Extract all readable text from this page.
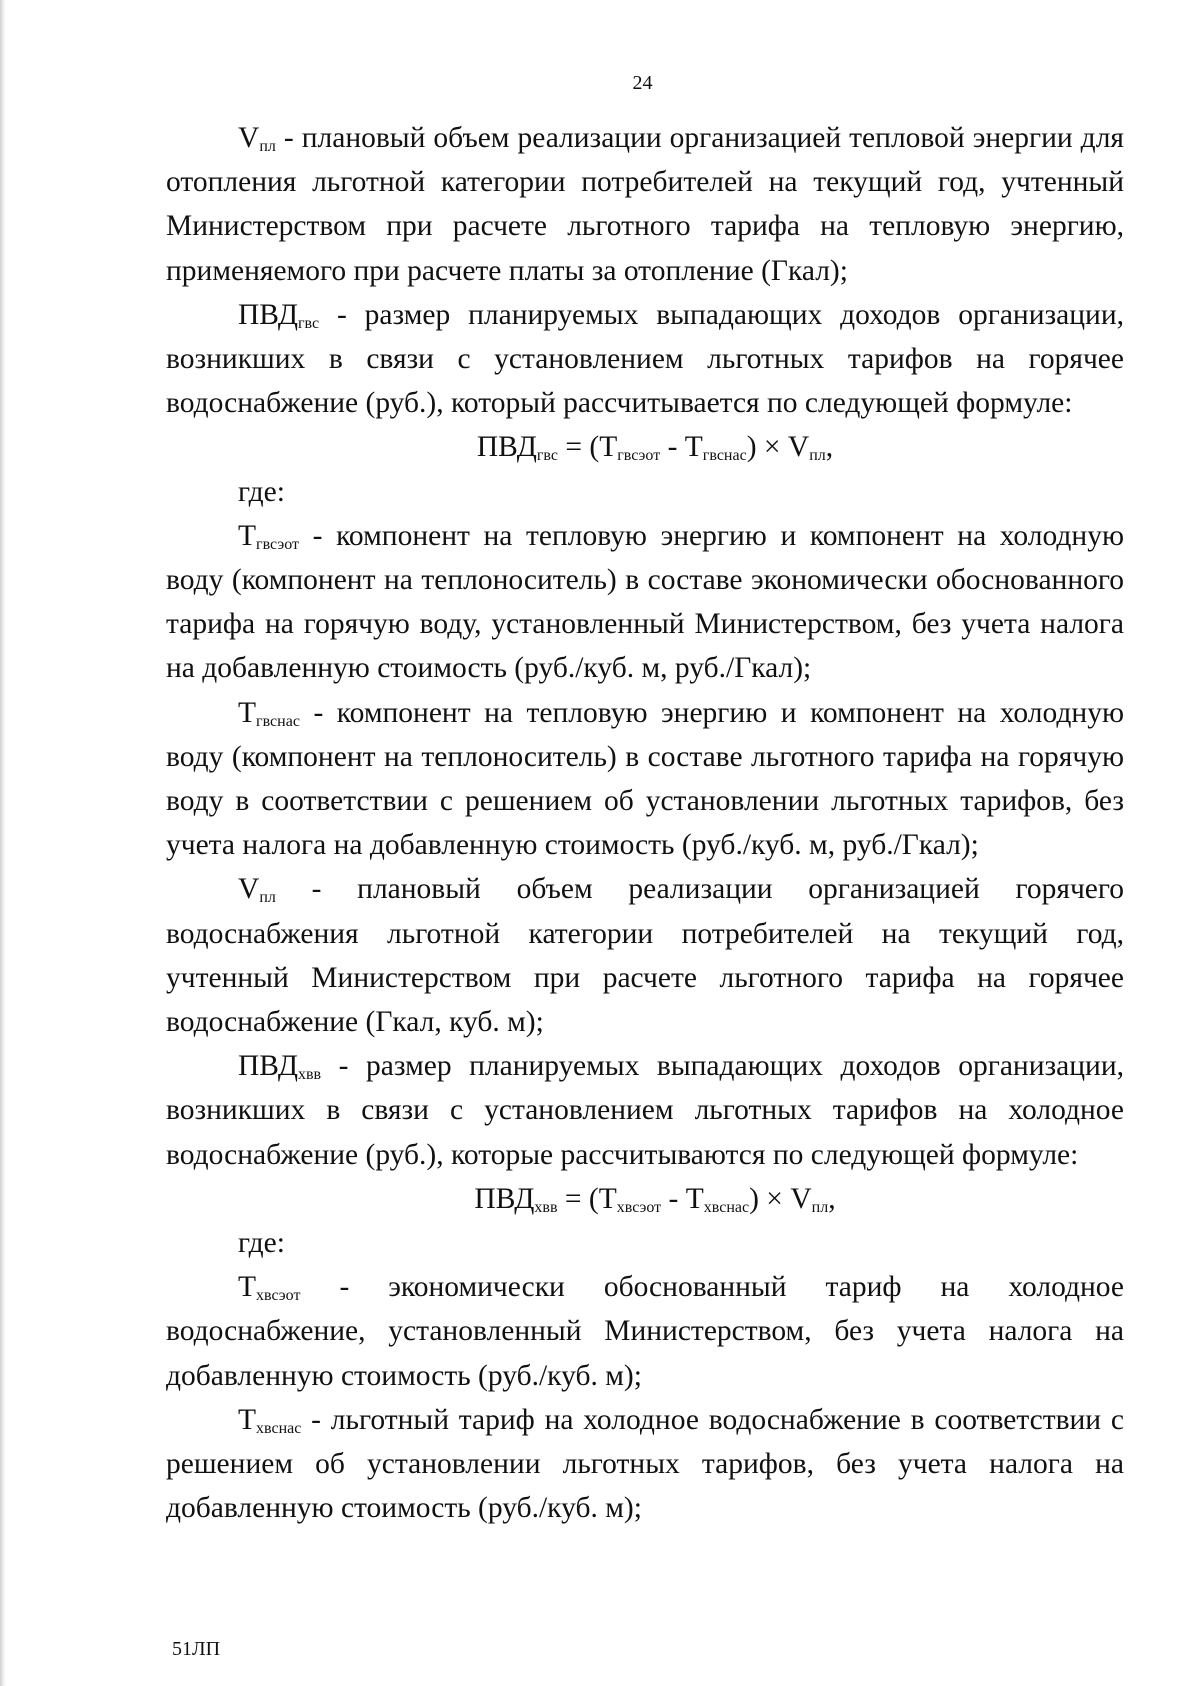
24

$V_{пл}$ - плановый объем реализации организацией тепловой энергии для отопления льготной категории потребителей на текущий год, учтенный Министерством при расчете льготного тарифа на тепловую энергию, применяемого при расчете платы за отопление (Гкал);

$ПВД_{гвс}$ - размер планируемых выпадающих доходов организации, возникших в связи с установлением льготных тарифов на горячее водоснабжение (руб.), который рассчитывается по следующей формуле:

$ПВД_{гвс} = (Т_{гвсэот} - Т_{гвснас}) \times V_{пл}$,

где:

$Т_{гвсэот}$ - компонент на тепловую энергию и компонент на холодную воду (компонент на теплоноситель) в составе экономически обоснованного тарифа на горячую воду, установленный Министерством, без учета налога на добавленную стоимость (руб./куб. м, руб./Гкал);

$Т_{гвснас}$ - компонент на тепловую энергию и компонент на холодную воду (компонент на теплоноситель) в составе льготного тарифа на горячую воду в соответствии с решением об установлении льготных тарифов, без учета налога на добавленную стоимость (руб./куб. м, руб./Гкал);

$V_{пл}$ - плановый объем реализации организацией горячего водоснабжения льготной категории потребителей на текущий год, учтенный Министерством при расчете льготного тарифа на горячее водоснабжение (Гкал, куб. м);

$ПВД_{хвв}$ - размер планируемых выпадающих доходов организации, возникших в связи с установлением льготных тарифов на холодное водоснабжение (руб.), которые рассчитываются по следующей формуле:

$ПВД_{хвв} = (Т_{хвсэот} - Т_{хвснас}) \times V_{пл}$,

где:

$Т_{хвсэот}$ - экономически обоснованный тариф на холодное водоснабжение, установленный Министерством, без учета налога на добавленную стоимость (руб./куб. м);

$Т_{хвснас}$ - льготный тариф на холодное водоснабжение в соответствии с решением об установлении льготных тарифов, без учета налога на добавленную стоимость (руб./куб. м);

51ЛП
